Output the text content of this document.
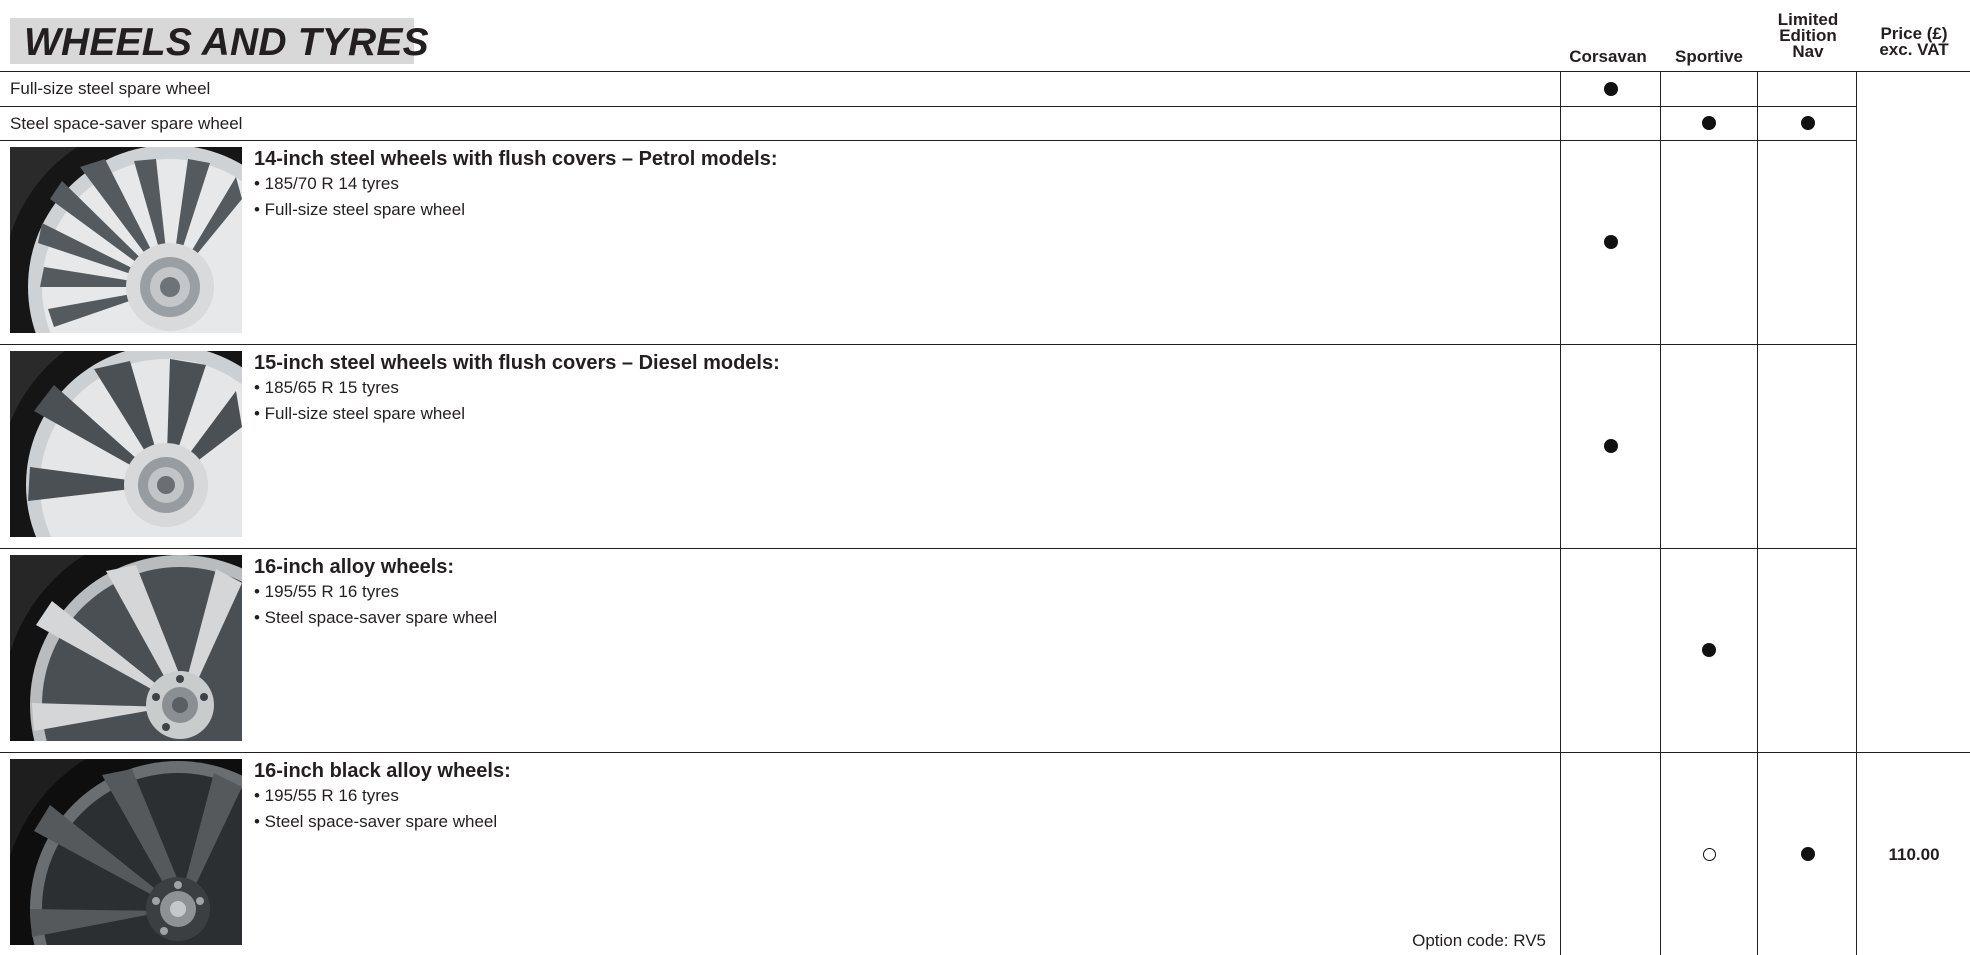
WHEELS AND TYRES	Corsavan	Sportive
Limited
Edition
Nav
Price (£)
exc. VAT
Full-size steel spare wheel
Steel space-saver spare wheel
14-inch steel wheels with flush covers – Petrol models:
• 185/70 R 14 tyres
• Full-size steel spare wheel
15-inch steel wheels with flush covers – Diesel models:
• 185/65 R 15 tyres
• Full-size steel spare wheel
16-inch alloy wheels:
• 195/55 R 16 tyres
• Steel space-saver spare wheel
16-inch black alloy wheels:
• 195/55 R 16 tyres
• Steel space-saver spare wheel
110.00
Option code: RV5
